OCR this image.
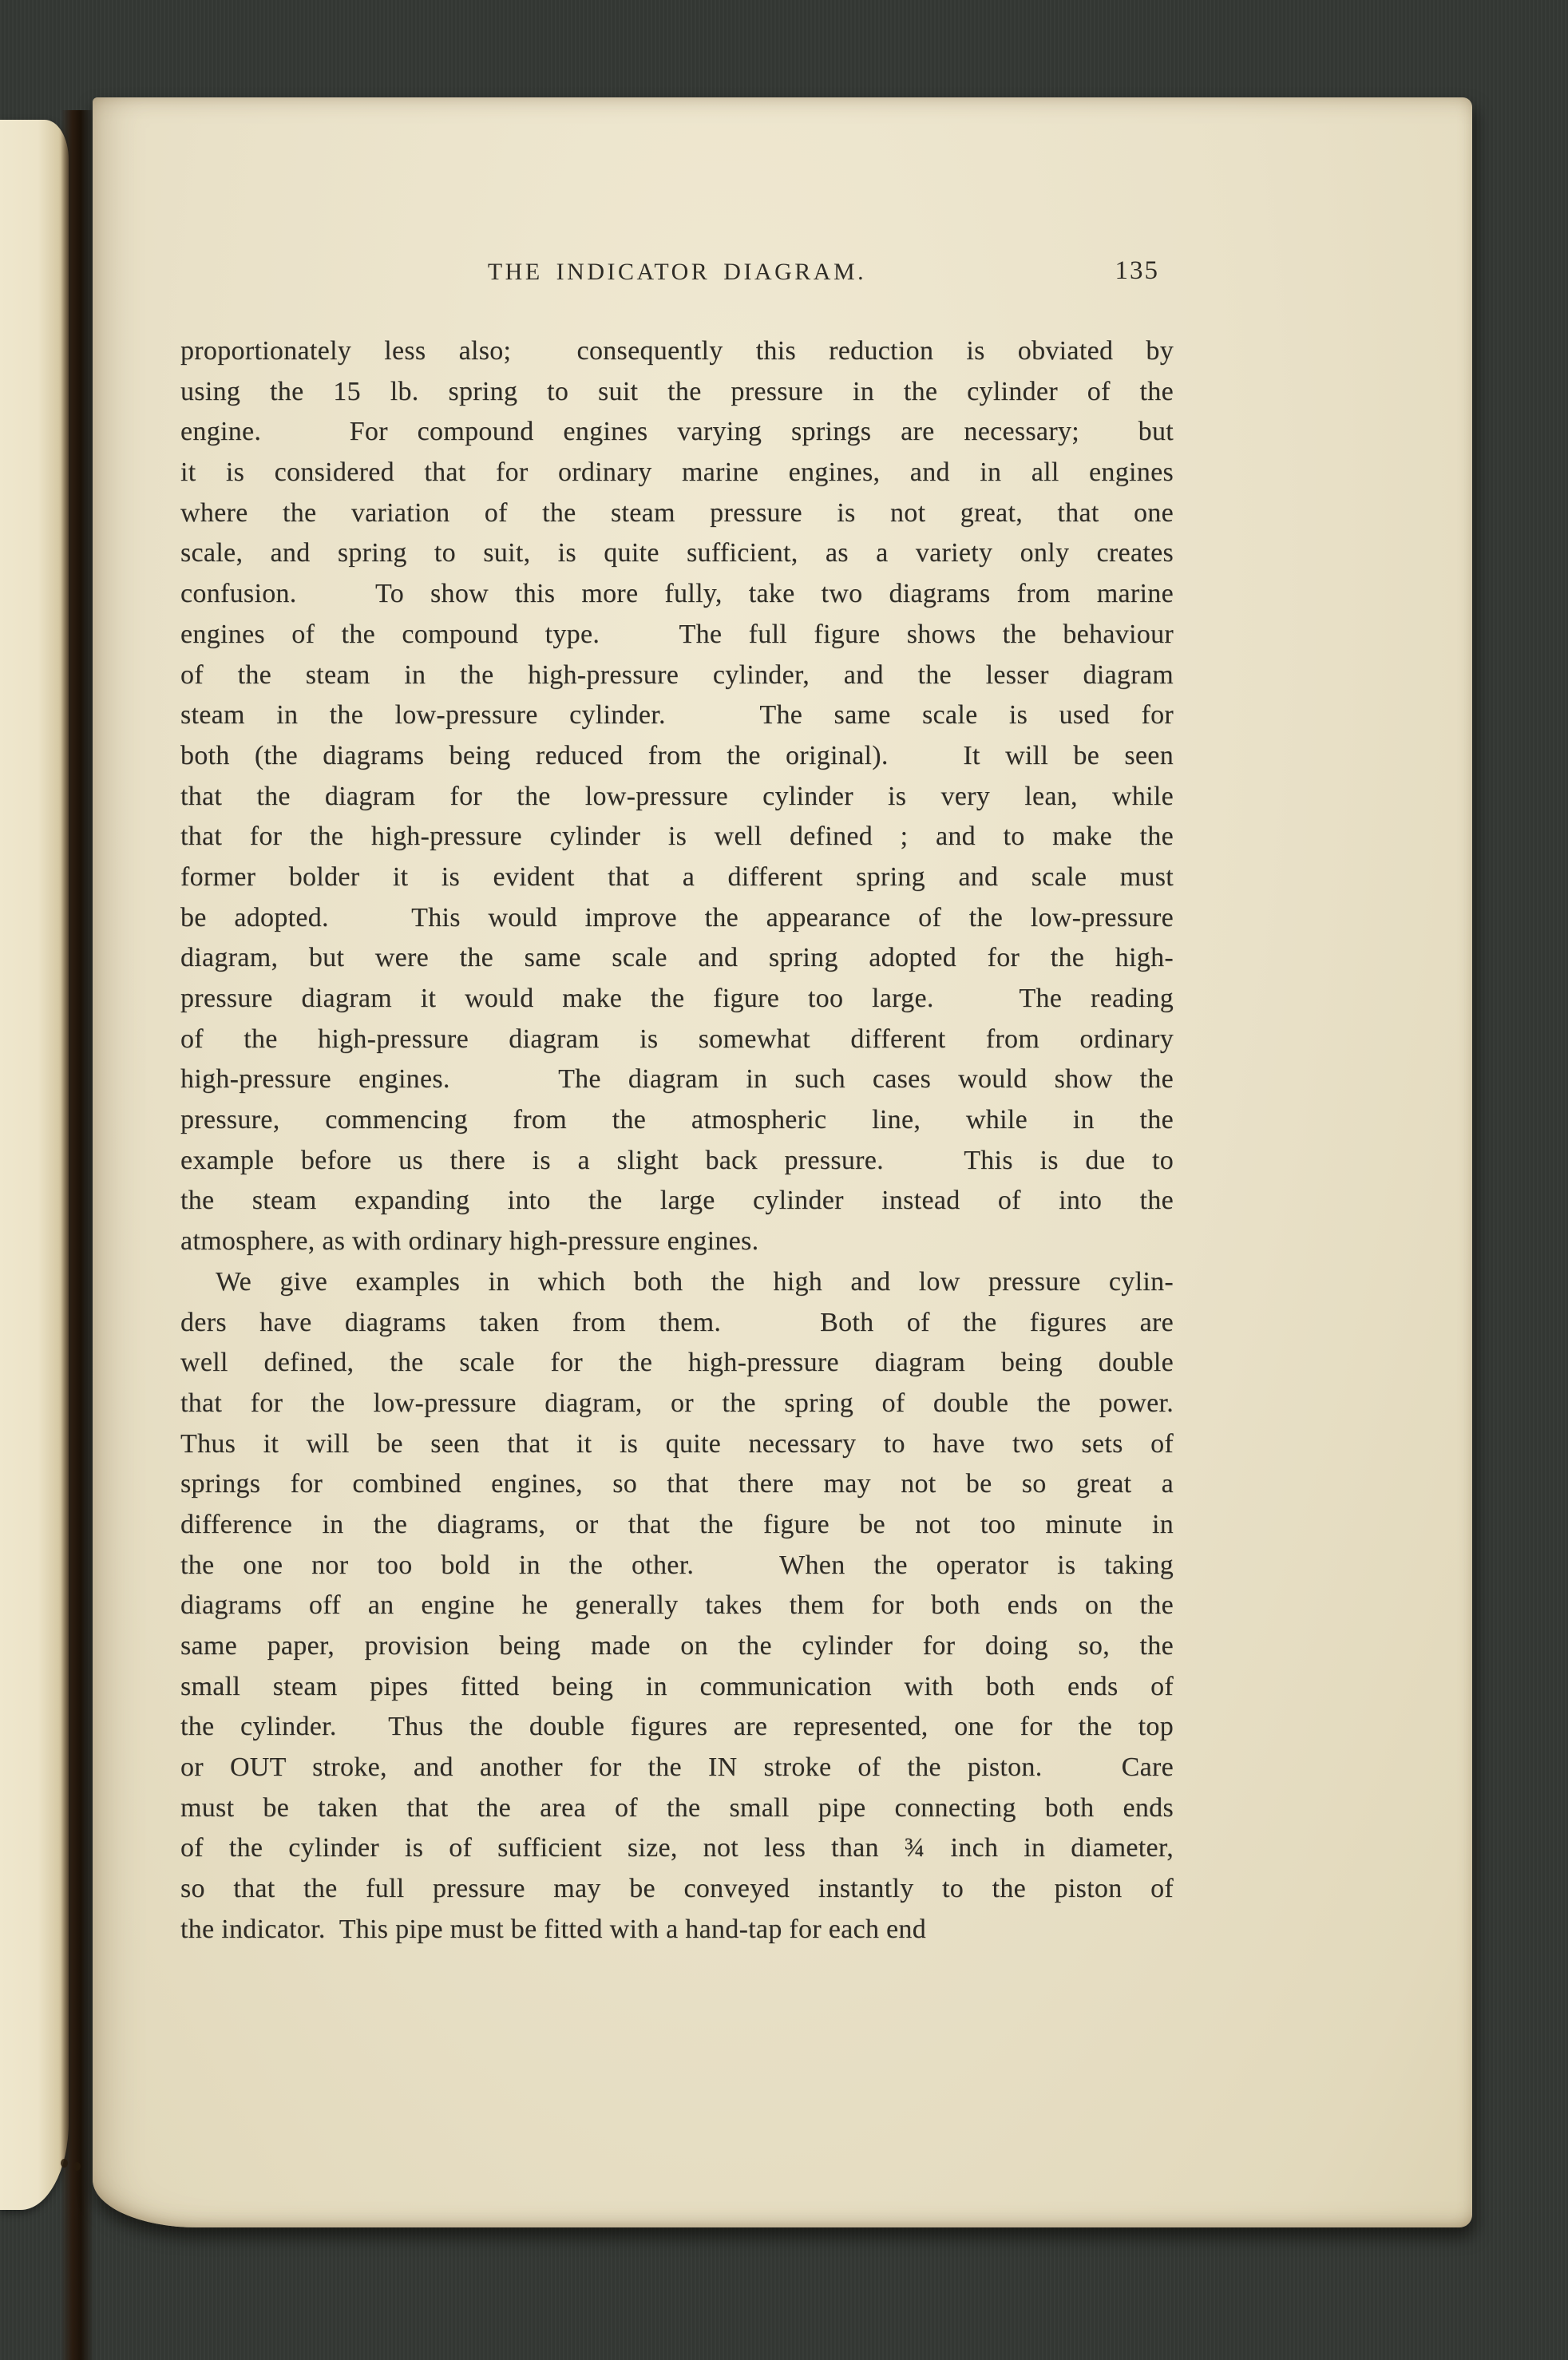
THE INDICATOR DIAGRAM.	135
proportionately less also;  consequently this reduction is obviated by
using the 15 lb. spring to suit the pressure in the cylinder of the
engine.   For compound engines varying springs are necessary;  but
it is considered that for ordinary marine engines, and in all engines
where the variation of the steam pressure is not great, that one
scale, and spring to suit, is quite sufficient, as a variety only creates
confusion.   To show this more fully, take two diagrams from marine
engines of the compound type.   The full figure shows the behaviour
of the steam in the high-pressure cylinder, and the lesser diagram
steam in the low-pressure cylinder.   The same scale is used for
both (the diagrams being reduced from the original).   It will be seen
that the diagram for the low-pressure cylinder is very lean, while
that for the high-pressure cylinder is well defined ; and to make the
former bolder it is evident that a different spring and scale must
be adopted.   This would improve the appearance of the low-pressure
diagram, but were the same scale and spring adopted for the high-
pressure diagram it would make the figure too large.   The reading
of the high-pressure diagram is somewhat different from ordinary
high-pressure engines.    The diagram in such cases would show the
pressure, commencing from the atmospheric line, while in the
example before us there is a slight back pressure.   This is due to
the steam expanding into the large cylinder instead of into the
atmosphere, as with ordinary high-pressure engines.
We give examples in which both the high and low pressure cylin-
ders have diagrams taken from them.   Both of the figures are
well defined, the scale for the high-pressure diagram being double
that for the low-pressure diagram, or the spring of double the power.
Thus it will be seen that it is quite necessary to have two sets of
springs for combined engines, so that there may not be so great a
difference in the diagrams, or that the figure be not too minute in
the one nor too bold in the other.   When the operator is taking
diagrams off an engine he generally takes them for both ends on the
same paper, provision being made on the cylinder for doing so, the
small steam pipes fitted being in communication with both ends of
the cylinder.  Thus the double figures are represented, one for the top
or OUT stroke, and another for the IN stroke of the piston.   Care
must be taken that the area of the small pipe connecting both ends
of the cylinder is of sufficient size, not less than ¾ inch in diameter,
so that the full pressure may be conveyed instantly to the piston of
the indicator.  This pipe must be fitted with a hand-tap for each end
